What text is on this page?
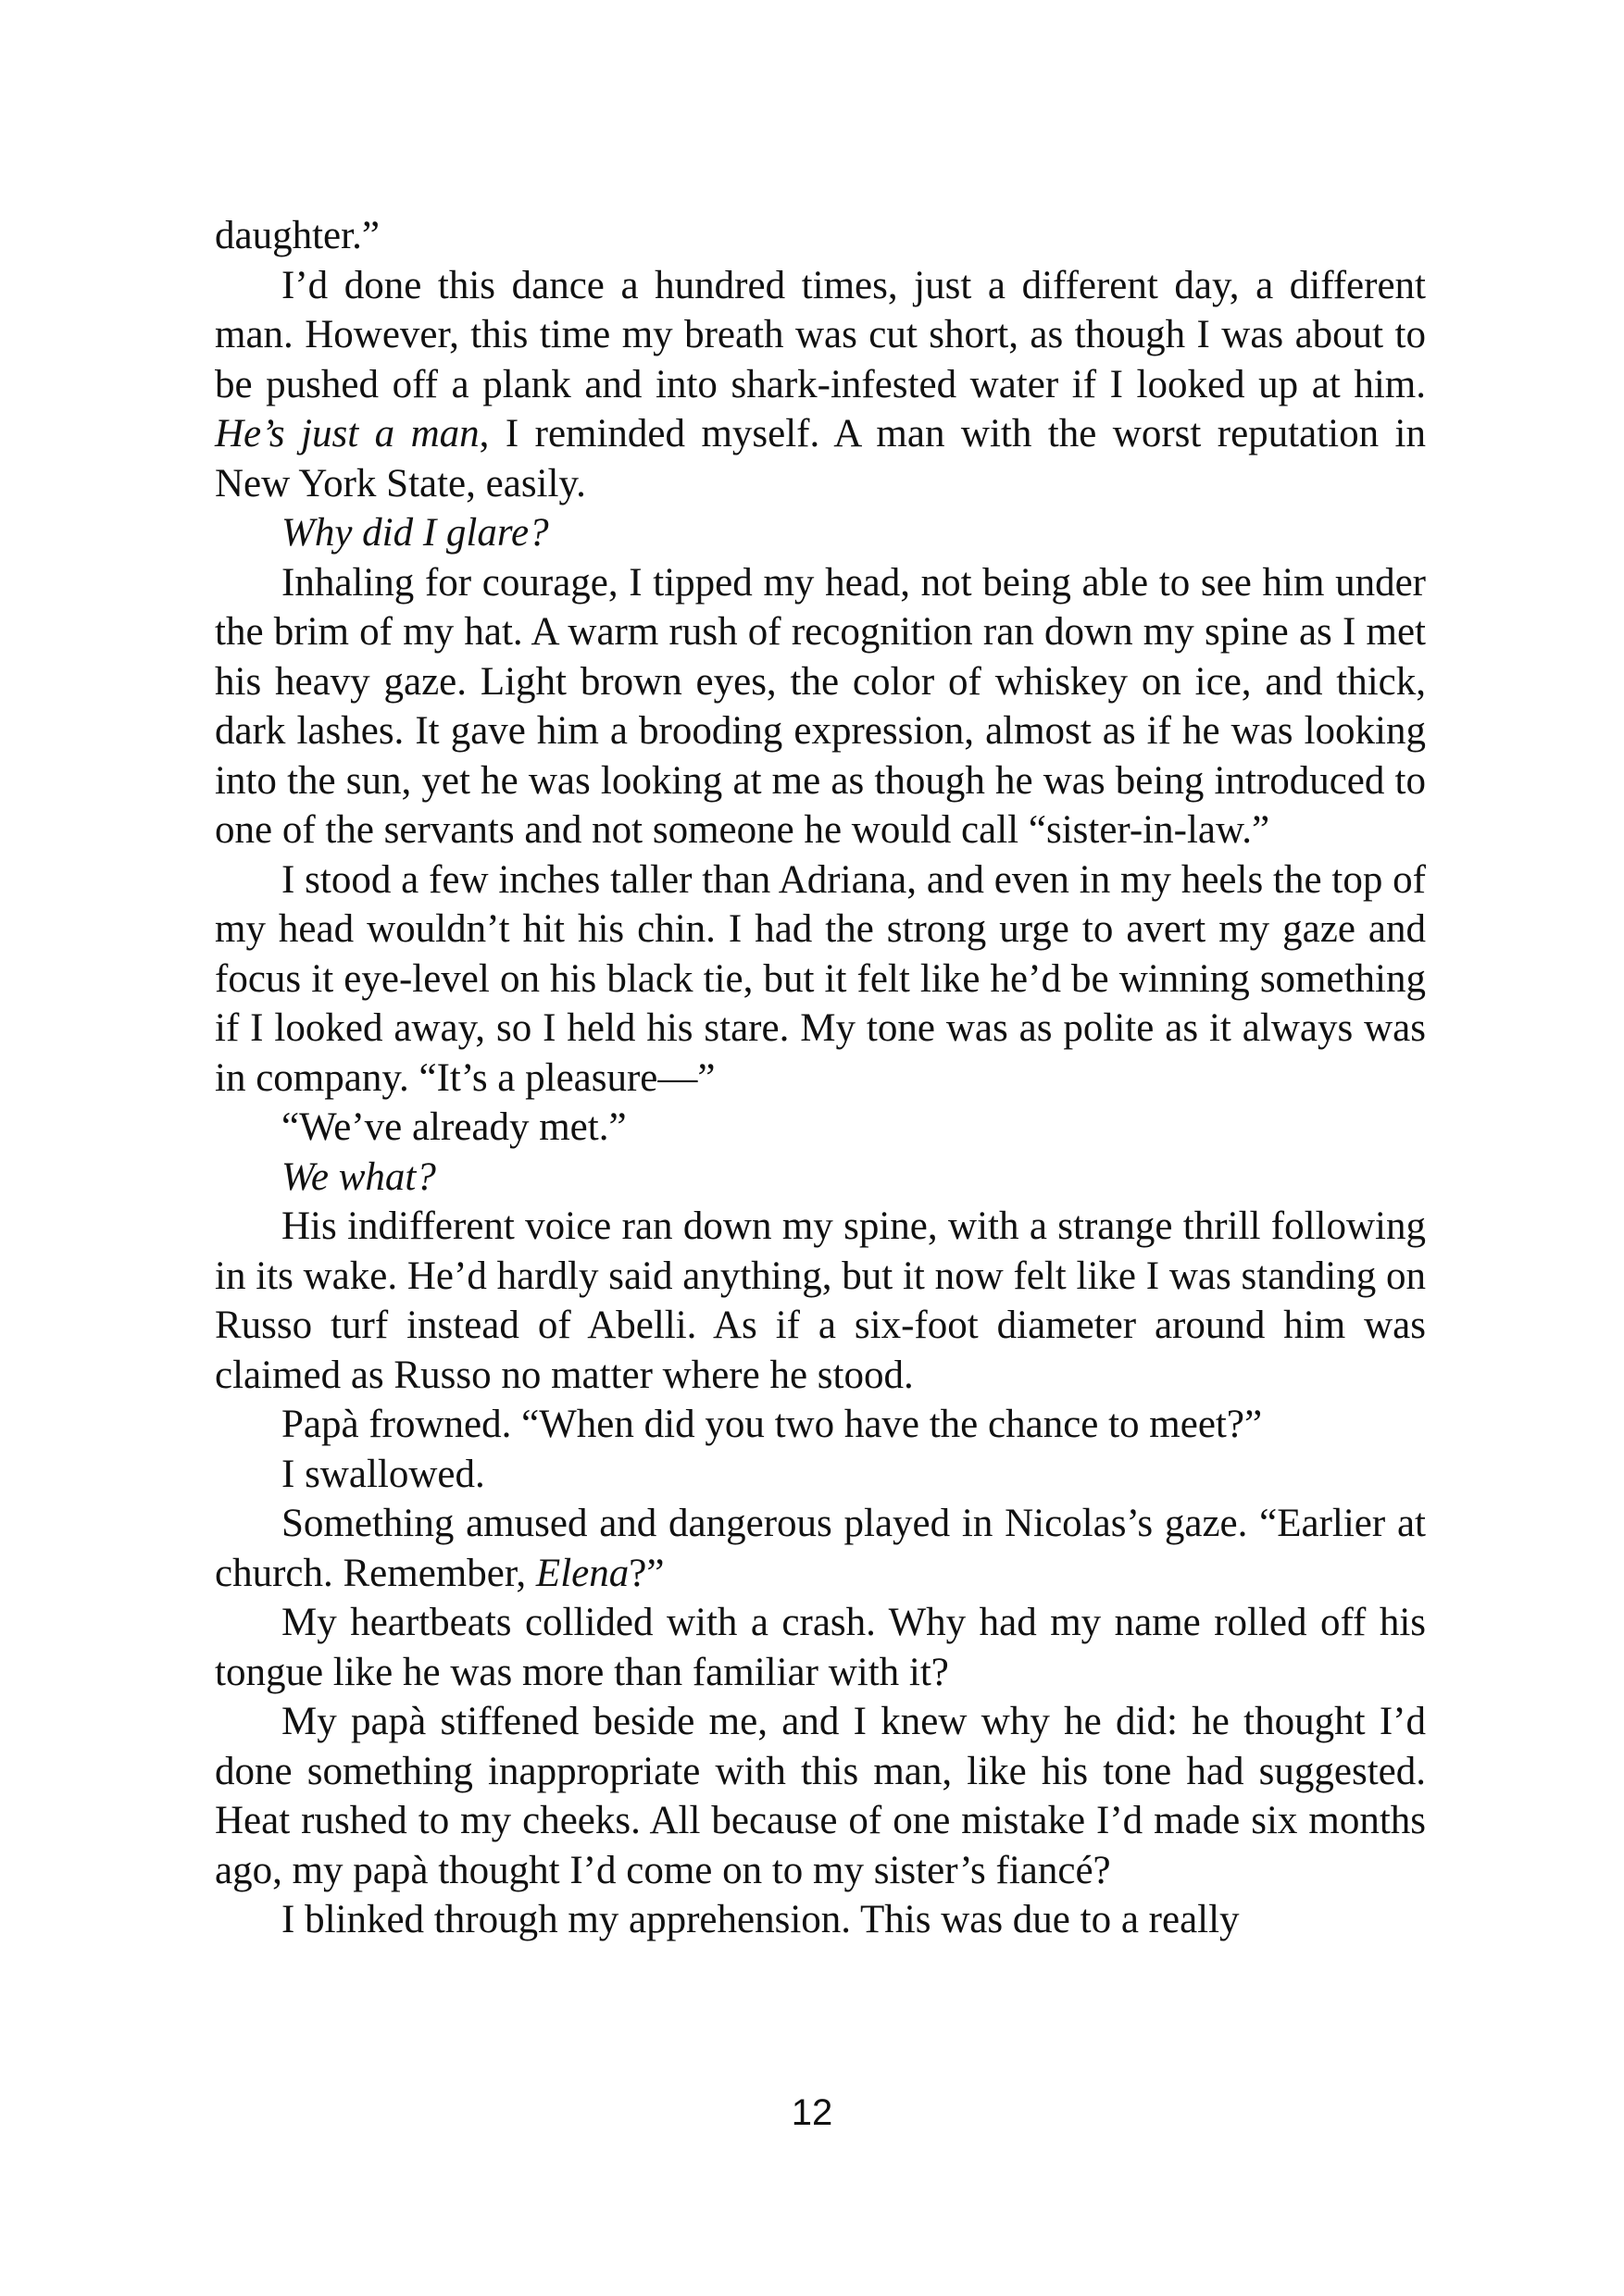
daughter.”

I’d done this dance a hundred times, just a different day, a different man. However, this time my breath was cut short, as though I was about to be pushed off a plank and into shark-infested water if I looked up at him. He’s just a man, I reminded myself. A man with the worst reputation in New York State, easily.

Why did I glare?

Inhaling for courage, I tipped my head, not being able to see him under the brim of my hat. A warm rush of recognition ran down my spine as I met his heavy gaze. Light brown eyes, the color of whiskey on ice, and thick, dark lashes. It gave him a brooding expression, almost as if he was looking into the sun, yet he was looking at me as though he was being introduced to one of the servants and not someone he would call “sister-in-law.”

I stood a few inches taller than Adriana, and even in my heels the top of my head wouldn’t hit his chin. I had the strong urge to avert my gaze and focus it eye-level on his black tie, but it felt like he’d be winning something if I looked away, so I held his stare. My tone was as polite as it always was in company. “It’s a pleasure—”

“We’ve already met.”

We what?

His indifferent voice ran down my spine, with a strange thrill following in its wake. He’d hardly said anything, but it now felt like I was standing on Russo turf instead of Abelli. As if a six-foot diameter around him was claimed as Russo no matter where he stood.

Papà frowned. “When did you two have the chance to meet?”

I swallowed.

Something amused and dangerous played in Nicolas’s gaze. “Earlier at church. Remember, Elena?”

My heartbeats collided with a crash. Why had my name rolled off his tongue like he was more than familiar with it?

My papà stiffened beside me, and I knew why he did: he thought I’d done something inappropriate with this man, like his tone had suggested. Heat rushed to my cheeks. All because of one mistake I’d made six months ago, my papà thought I’d come on to my sister’s fiancé?

I blinked through my apprehension. This was due to a really

12
